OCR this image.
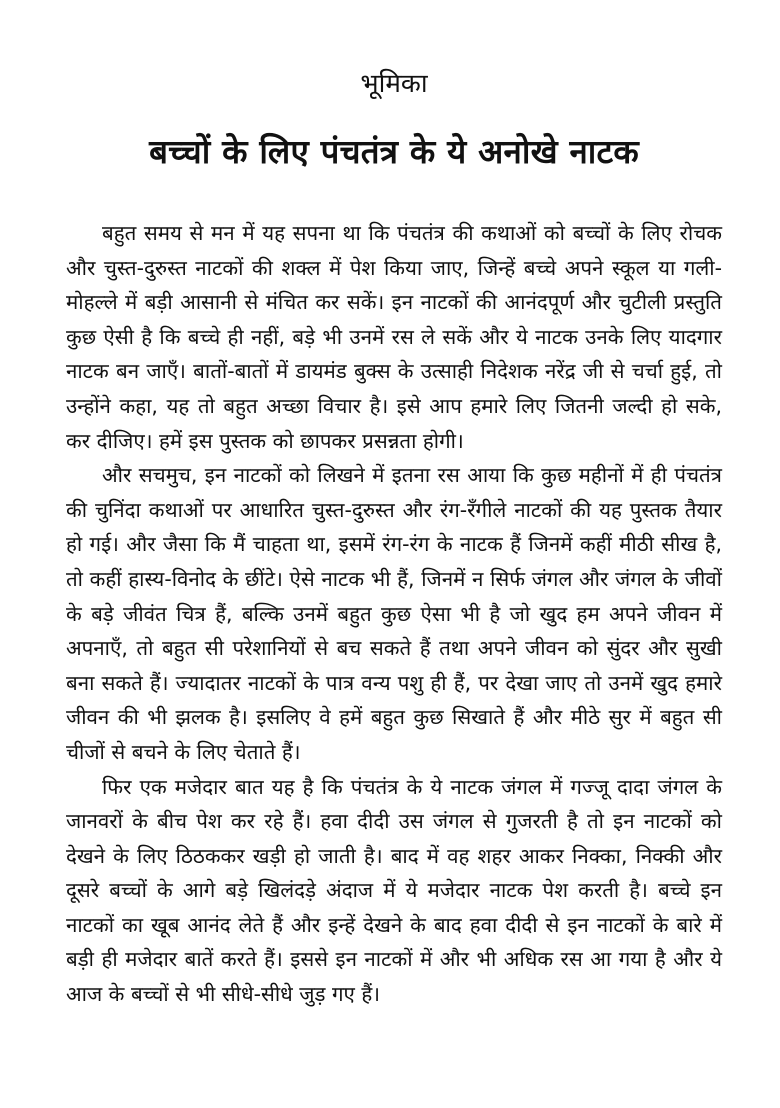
भूमिका
बच्चों के लिए पंचतंत्र के ये अनोखे नाटक

बहुत समय से मन में यह सपना था कि पंचतंत्र की कथाओं को बच्चों के लिए रोचक और चुस्त-दुरुस्त नाटकों की शक्ल में पेश किया जाए, जिन्हें बच्चे अपने स्कूल या गली-मोहल्ले में बड़ी आसानी से मंचित कर सकें। इन नाटकों की आनंदपूर्ण और चुटीली प्रस्तुति कुछ ऐसी है कि बच्चे ही नहीं, बड़े भी उनमें रस ले सकें और ये नाटक उनके लिए यादगार नाटक बन जाएँ। बातों-बातों में डायमंड बुक्स के उत्साही निदेशक नरेंद्र जी से चर्चा हुई, तो उन्होंने कहा, यह तो बहुत अच्छा विचार है। इसे आप हमारे लिए जितनी जल्दी हो सके, कर दीजिए। हमें इस पुस्तक को छापकर प्रसन्नता होगी।

और सचमुच, इन नाटकों को लिखने में इतना रस आया कि कुछ महीनों में ही पंचतंत्र की चुनिंदा कथाओं पर आधारित चुस्त-दुरुस्त और रंग-रँगीले नाटकों की यह पुस्तक तैयार हो गई। और जैसा कि मैं चाहता था, इसमें रंग-रंग के नाटक हैं जिनमें कहीं मीठी सीख है, तो कहीं हास्य-विनोद के छींटे। ऐसे नाटक भी हैं, जिनमें न सिर्फ जंगल और जंगल के जीवों के बड़े जीवंत चित्र हैं, बल्कि उनमें बहुत कुछ ऐसा भी है जो खुद हम अपने जीवन में अपनाएँ, तो बहुत सी परेशानियों से बच सकते हैं तथा अपने जीवन को सुंदर और सुखी बना सकते हैं। ज्यादातर नाटकों के पात्र वन्य पशु ही हैं, पर देखा जाए तो उनमें खुद हमारे जीवन की भी झलक है। इसलिए वे हमें बहुत कुछ सिखाते हैं और मीठे सुर में बहुत सी चीजों से बचने के लिए चेताते हैं।

फिर एक मजेदार बात यह है कि पंचतंत्र के ये नाटक जंगल में गज्जू दादा जंगल के जानवरों के बीच पेश कर रहे हैं। हवा दीदी उस जंगल से गुजरती है तो इन नाटकों को देखने के लिए ठिठककर खड़ी हो जाती है। बाद में वह शहर आकर निक्का, निक्की और दूसरे बच्चों के आगे बड़े खिलंदड़े अंदाज में ये मजेदार नाटक पेश करती है। बच्चे इन नाटकों का खूब आनंद लेते हैं और इन्हें देखने के बाद हवा दीदी से इन नाटकों के बारे में बड़ी ही मजेदार बातें करते हैं। इससे इन नाटकों में और भी अधिक रस आ गया है और ये आज के बच्चों से भी सीधे-सीधे जुड़ गए हैं।
